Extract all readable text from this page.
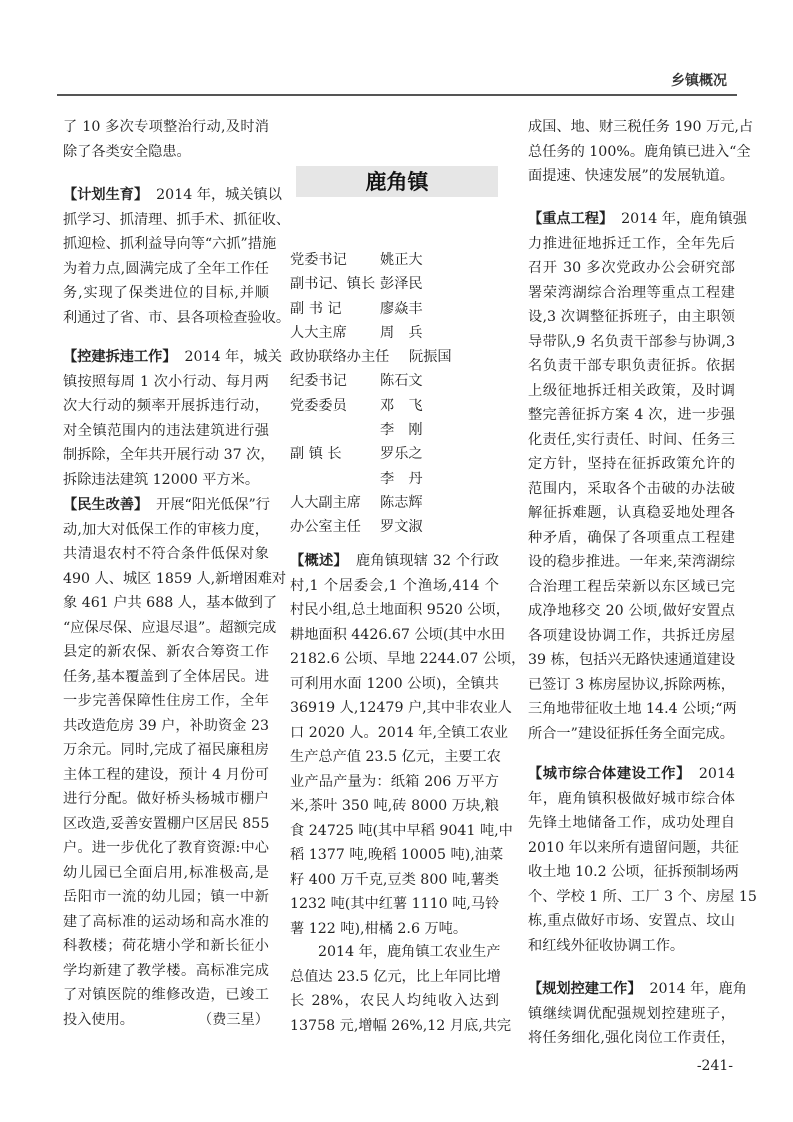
乡镇概况
鹿角镇
党委书记 姚正大
副书记、镇长 彭泽民
副 书 记	廖焱丰
人大主席 周　兵
政协联络办主任 阮振国
纪委书记 陈石文
党委委员 邓　飞
李　刚
副 镇 长	罗乐之
李　丹
人大副主席 陈志辉
办公室主任 罗文淑
了 10 多次专项整治行动,及时消
除了各类安全隐患。
【计划生育】 2014 年，城关镇以
抓学习、抓清理、抓手术、抓征收、
抓迎检、抓利益导向等“六抓”措施
为着力点,圆满完成了全年工作任
务,实现了保类进位的目标,并顺
利通过了省、市、县各项检查验收。
【控建拆违工作】 2014 年，城关
镇按照每周 1 次小行动、每月两
次大行动的频率开展拆违行动，
对全镇范围内的违法建筑进行强
制拆除，全年共开展行动 37 次，
拆除违法建筑 12000 平方米。
【民生改善】 开展“阳光低保”行
动,加大对低保工作的审核力度，
共清退农村不符合条件低保对象
490 人、城区 1859 人,新增困难对
象 461 户共 688 人，基本做到了
“应保尽保、应退尽退”。超额完成
县定的新农保、新农合筹资工作
任务,基本覆盖到了全体居民。进
一步完善保障性住房工作，全年
共改造危房 39 户，补助资金 23
万余元。同时,完成了福民廉租房
主体工程的建设，预计 4 月份可
进行分配。做好桥头杨城市棚户
区改造,妥善安置棚户区居民 855
户。进一步优化了教育资源:中心
幼儿园已全面启用,标准极高,是
岳阳市一流的幼儿园；镇一中新
建了高标准的运动场和高水准的
科教楼；荷花塘小学和新长征小
学均新建了教学楼。高标准完成
了对镇医院的维修改造，已竣工
投入使用。	（费三星）
【概述】 鹿角镇现辖 32 个行政
村,1 个居委会,1 个渔场,414 个
村民小组,总土地面积 9520 公顷，
耕地面积 4426.67 公顷(其中水田
2182.6 公顷、旱地 2244.07 公顷，
可利用水面 1200 公顷)，全镇共
36919 人,12479 户,其中非农业人
口 2020 人。2014 年,全镇工农业
生产总产值 23.5 亿元，主要工农
业产品产量为：纸箱 206 万平方
米,茶叶 350 吨,砖 8000 万块,粮
食 24725 吨(其中早稻 9041 吨,中
稻 1377 吨,晚稻 10005 吨),油菜
籽 400 万千克,豆类 800 吨,薯类
1232 吨(其中红薯 1110 吨,马铃
薯 122 吨),柑橘 2.6 万吨。
2014 年，鹿角镇工农业生产
总值达 23.5 亿元，比上年同比增
长 28%，农民人均纯收入达到
13758 元,增幅 26%,12 月底,共完
成国、地、财三税任务 190 万元,占
总任务的 100%。鹿角镇已进入“全
面提速、快速发展”的发展轨道。
【重点工程】 2014 年，鹿角镇强
力推进征地拆迁工作，全年先后
召开 30 多次党政办公会研究部
署荣湾湖综合治理等重点工程建
设,3 次调整征拆班子，由主职领
导带队,9 名负责干部参与协调,3
名负责干部专职负责征拆。依据
上级征地拆迁相关政策，及时调
整完善征拆方案 4 次，进一步强
化责任,实行责任、时间、任务三
定方针，坚持在征拆政策允许的
范围内，采取各个击破的办法破
解征拆难题，认真稳妥地处理各
种矛盾，确保了各项重点工程建
设的稳步推进。一年来,荣湾湖综
合治理工程岳荣新以东区域已完
成净地移交 20 公顷,做好安置点
各项建设协调工作，共拆迁房屋
39 栋，包括兴无路快速通道建设
已签订 3 栋房屋协议,拆除两栋，
三角地带征收土地 14.4 公顷;“两
所合一”建设征拆任务全面完成。
【城市综合体建设工作】 2014
年，鹿角镇积极做好城市综合体
先锋土地储备工作，成功处理自
2010 年以来所有遗留问题，共征
收土地 10.2 公顷，征拆预制场两
个、学校 1 所、工厂 3 个、房屋 15
栋,重点做好市场、安置点、坟山
和红线外征收协调工作。
【规划控建工作】 2014 年，鹿角
镇继续调优配强规划控建班子，
将任务细化,强化岗位工作责任，
-241-
